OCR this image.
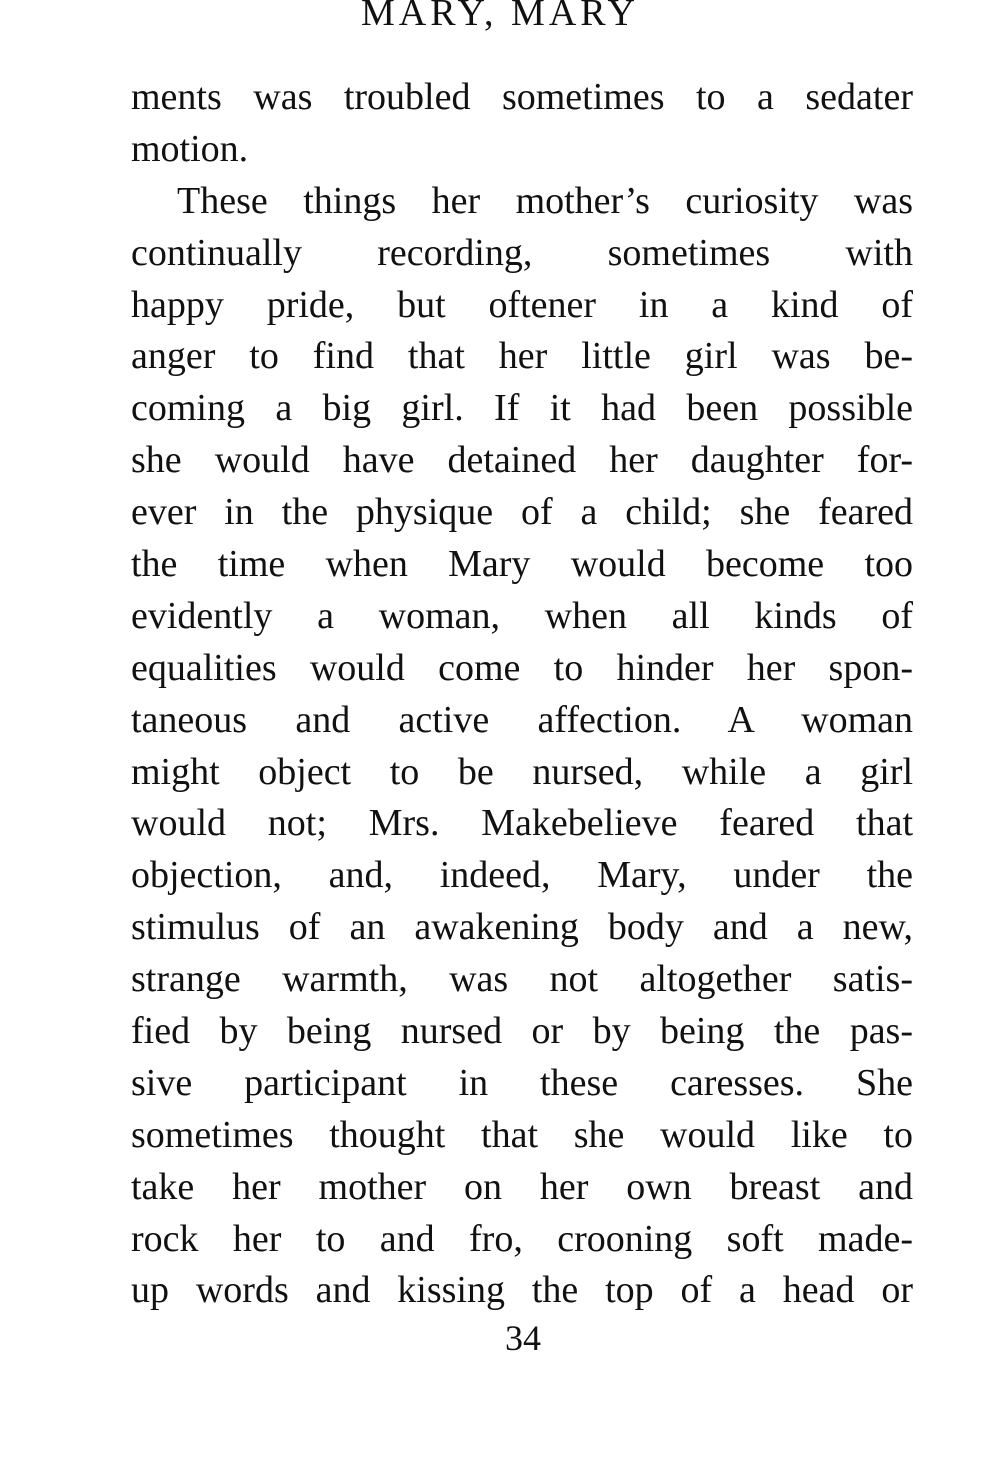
MARY, MARY
ments was troubled sometimes to a sedater
motion.
These things her mother’s curiosity was
continually recording, sometimes with
happy pride, but oftener in a kind of
anger to find that her little girl was be-
coming a big girl. If it had been possible
she would have detained her daughter for-
ever in the physique of a child; she feared
the time when Mary would become too
evidently a woman, when all kinds of
equalities would come to hinder her spon-
taneous and active affection. A woman
might object to be nursed, while a girl
would not; Mrs. Makebelieve feared that
objection, and, indeed, Mary, under the
stimulus of an awakening body and a new,
strange warmth, was not altogether satis-
fied by being nursed or by being the pas-
sive participant in these caresses. She
sometimes thought that she would like to
take her mother on her own breast and
rock her to and fro, crooning soft made-
up words and kissing the top of a head or
34
